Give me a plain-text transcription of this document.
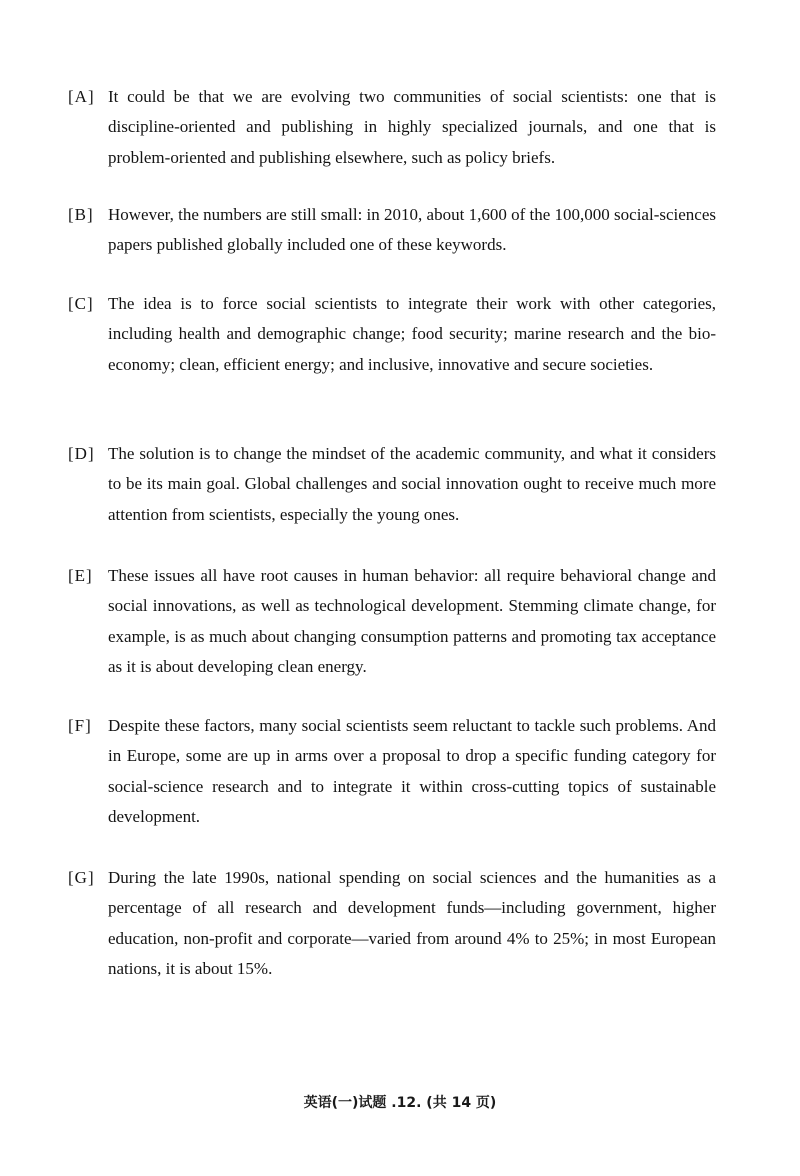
[A] It could be that we are evolving two communities of social scientists: one that is discipline-oriented and publishing in highly specialized journals, and one that is problem-oriented and publishing elsewhere, such as policy briefs.
[B] However, the numbers are still small: in 2010, about 1,600 of the 100,000 social-sciences papers published globally included one of these keywords.
[C] The idea is to force social scientists to integrate their work with other categories, including health and demographic change; food security; marine research and the bio-economy; clean, efficient energy; and inclusive, innovative and secure societies.
[D] The solution is to change the mindset of the academic community, and what it considers to be its main goal. Global challenges and social innovation ought to receive much more attention from scientists, especially the young ones.
[E] These issues all have root causes in human behavior: all require behavioral change and social innovations, as well as technological development. Stemming climate change, for example, is as much about changing consumption patterns and promoting tax acceptance as it is about developing clean energy.
[F] Despite these factors, many social scientists seem reluctant to tackle such problems. And in Europe, some are up in arms over a proposal to drop a specific funding category for social-science research and to integrate it within cross-cutting topics of sustainable development.
[G] During the late 1990s, national spending on social sciences and the humanities as a percentage of all research and development funds—including government, higher education, non-profit and corporate—varied from around 4% to 25%; in most European nations, it is about 15%.
英语(一)试题 .12. (共 14 页)
